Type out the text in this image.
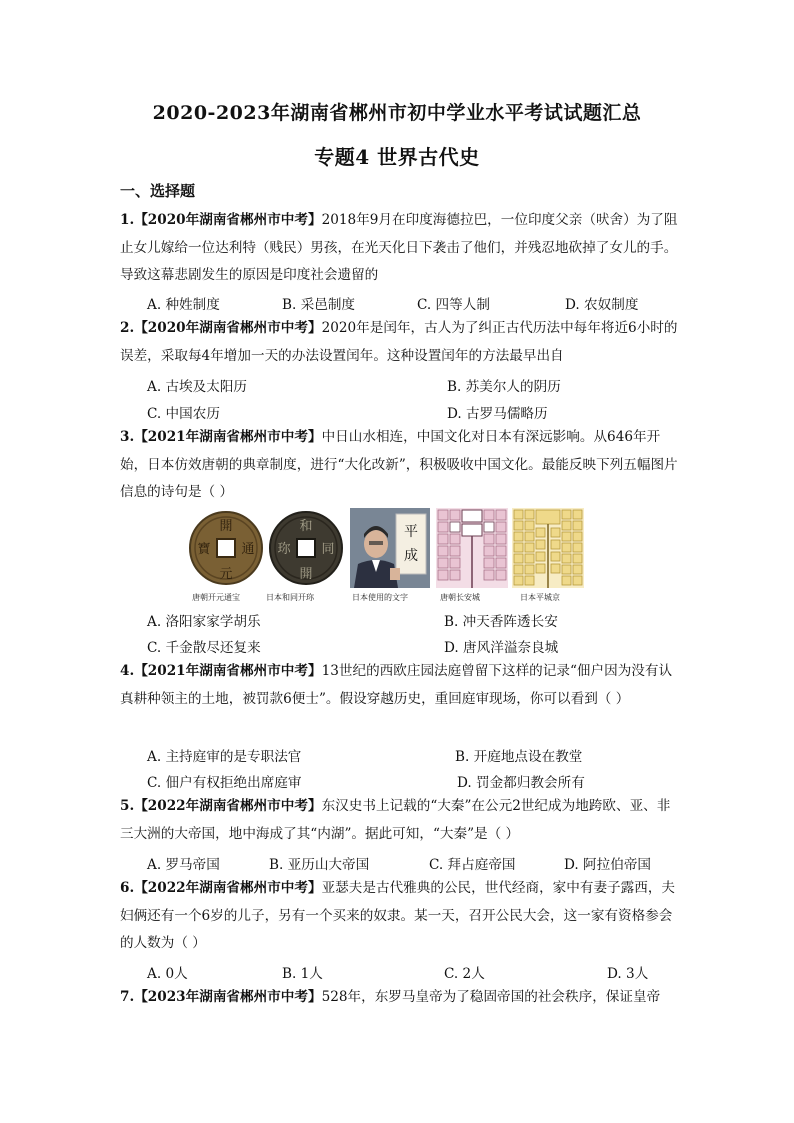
2020-2023年湖南省郴州市初中学业水平考试试题汇总
专题4 世界古代史
一、选择题
1.【2020年湖南省郴州市中考】2018年9月在印度海德拉巴，一位印度父亲（吠舍）为了阻止女儿嫁给一位达利特（贱民）男孩，在光天化日下袭击了他们，并残忍地砍掉了女儿的手。导致这幕悲剧发生的原因是印度社会遗留的
A. 种姓制度	B. 采邑制度	C. 四等人制	D. 农奴制度
2.【2020年湖南省郴州市中考】2020年是闰年，古人为了纠正古代历法中每年将近6小时的误差，采取每4年增加一天的办法设置闰年。这种设置闰年的方法最早出自
A. 古埃及太阳历	B. 苏美尔人的阴历
C. 中国农历	D. 古罗马儒略历
3.【2021年湖南省郴州市中考】中日山水相连，中国文化对日本有深远影响。从646年开始，日本仿效唐朝的典章制度，进行“大化改新”，积极吸收中国文化。最能反映下列五幅图片信息的诗句是（ ）
開
元
通
寶
唐朝开元通宝
和
同
開
珎
日本和同开珎
平
成
日本使用的文字	唐朝长安城	日本平城京
A. 洛阳家家学胡乐	B. 冲天香阵透长安
C. 千金散尽还复来	D. 唐风洋溢奈良城
4.【2021年湖南省郴州市中考】13世纪的西欧庄园法庭曾留下这样的记录“佃户因为没有认真耕种领主的土地，被罚款6便士”。假设穿越历史，重回庭审现场，你可以看到（ ）
A. 主持庭审的是专职法官	B. 开庭地点设在教堂
C. 佃户有权拒绝出席庭审	D. 罚金都归教会所有
5.【2022年湖南省郴州市中考】东汉史书上记载的“大秦”在公元2世纪成为地跨欧、亚、非三大洲的大帝国，地中海成了其“内湖”。据此可知，“大秦”是（ ）
A. 罗马帝国	B. 亚历山大帝国	C. 拜占庭帝国	D. 阿拉伯帝国
6.【2022年湖南省郴州市中考】亚瑟夫是古代雅典的公民，世代经商，家中有妻子露西，夫妇俩还有一个6岁的儿子，另有一个买来的奴隶。某一天，召开公民大会，这一家有资格参会的人数为（ ）
A. 0人	B. 1人	C. 2人	D. 3人
7.【2023年湖南省郴州市中考】528年，东罗马皇帝为了稳固帝国的社会秩序，保证皇帝
